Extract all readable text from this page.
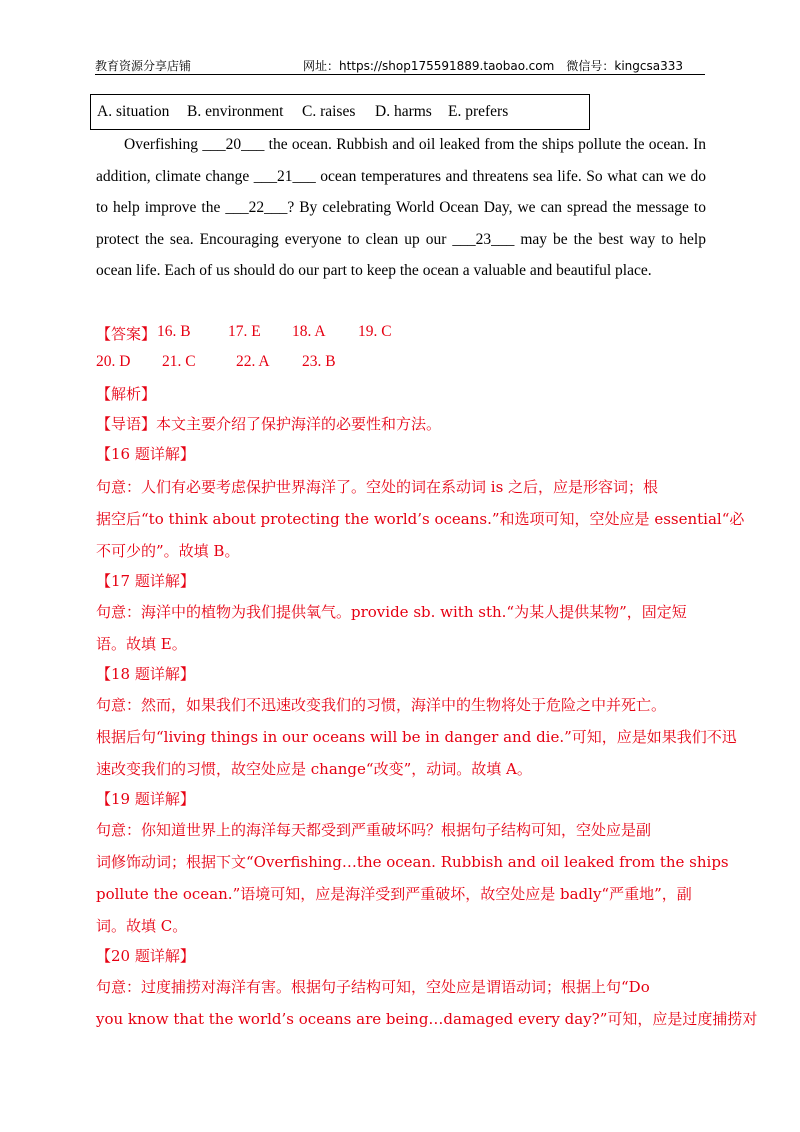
教育资源分享店铺	网址：https://shop175591889.taobao.com 微信号：kingcsa333
A. situation B. environment C. raises D. harms E. prefers
Overfishing ___20___ the ocean. Rubbish and oil leaked from the ships pollute the ocean. In addition, climate change ___21___ ocean temperatures and threatens sea life. So what can we do to help improve the ___22___? By celebrating World Ocean Day, we can spread the message to protect the sea. Encouraging everyone to clean up our ___23___ may be the best way to help ocean life. Each of us should do our part to keep the ocean a valuable and beautiful place.
【答案】 16. B 17. E 18. A 19. C
20. D 21. C	22. A 23. B
【解析】
【导语】本文主要介绍了保护海洋的必要性和方法。
【16 题详解】
句意：人们有必要考虑保护世界海洋了。空处的词在系动词 is 之后，应是形容词；根
据空后“to think about protecting the world’s oceans.”和选项可知，空处应是 essential“必
不可少的”。故填 B。
【17 题详解】
句意：海洋中的植物为我们提供氧气。provide sb. with sth.“为某人提供某物”，固定短
语。故填 E。
【18 题详解】
句意：然而，如果我们不迅速改变我们的习惯，海洋中的生物将处于危险之中并死亡。
根据后句“living things in our oceans will be in danger and die.”可知，应是如果我们不迅
速改变我们的习惯，故空处应是 change“改变”，动词。故填 A。
【19 题详解】
句意：你知道世界上的海洋每天都受到严重破坏吗？根据句子结构可知，空处应是副
词修饰动词；根据下文“Overfishing…the ocean. Rubbish and oil leaked from the ships
pollute the ocean.”语境可知，应是海洋受到严重破坏，故空处应是 badly“严重地”，副
词。故填 C。
【20 题详解】
句意：过度捕捞对海洋有害。根据句子结构可知，空处应是谓语动词；根据上句“Do
you know that the world’s oceans are being…damaged every day?”可知，应是过度捕捞对
